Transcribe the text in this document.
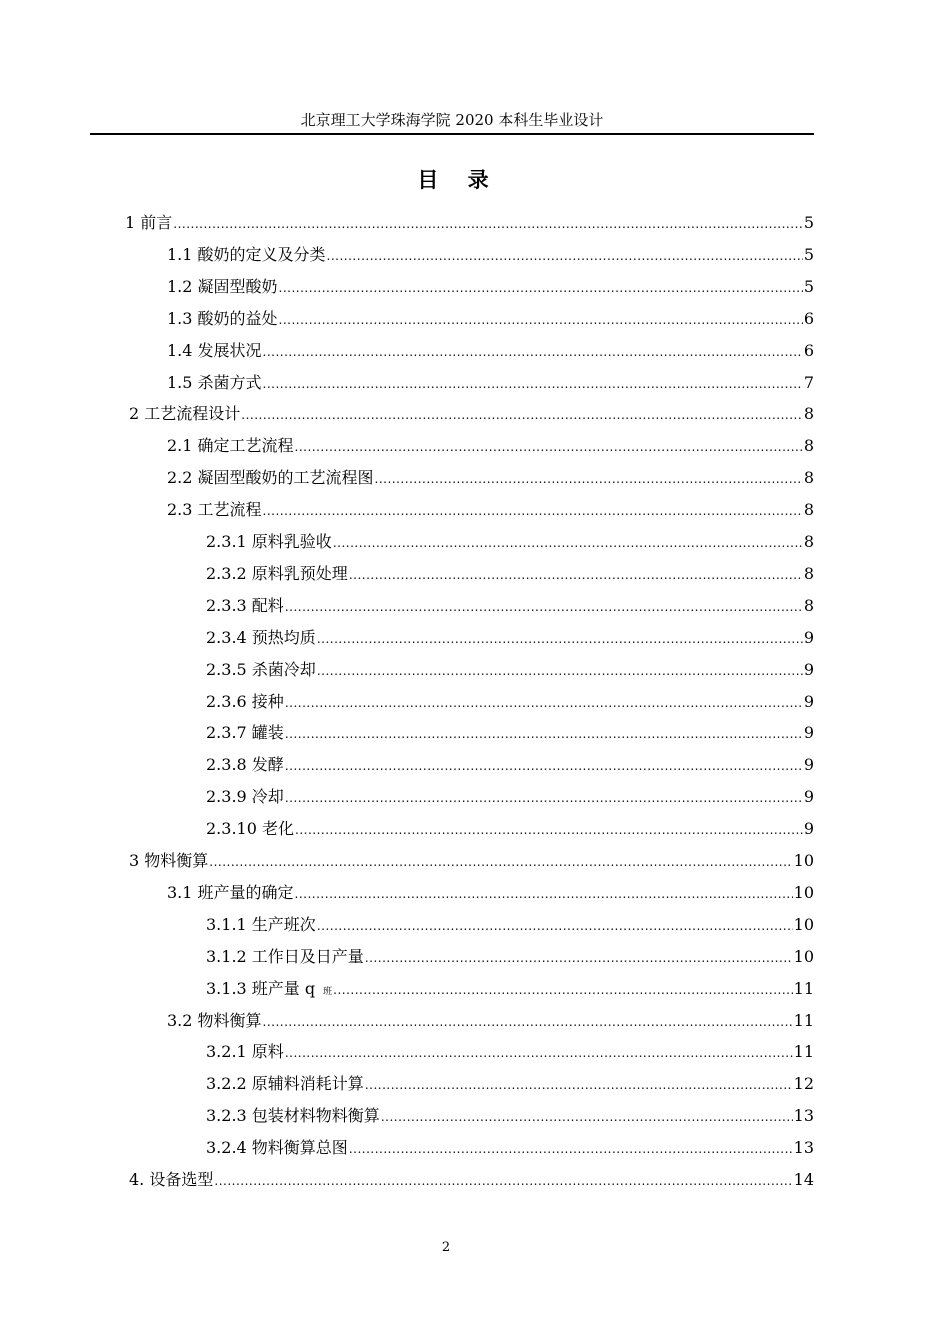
北京理工大学珠海学院 2020 本科生毕业设计
目 录
1 前言 .....	5
1.1 酸奶的定义及分类 .....	5
1.2 凝固型酸奶 .....	5
1.3 酸奶的益处 .....	6
1.4 发展状况 .....	6
1.5 杀菌方式 .....	7
2 工艺流程设计 .....	8
2.1 确定工艺流程 .....	8
2.2 凝固型酸奶的工艺流程图 .....	8
2.3 工艺流程 .....	8
2.3.1 原料乳验收 .....	8
2.3.2 原料乳预处理 .....	8
2.3.3 配料 .....	8
2.3.4 预热均质 .....	9
2.3.5 杀菌冷却 .....	9
2.3.6 接种 .....	9
2.3.7 罐装 .....	9
2.3.8 发酵 .....	9
2.3.9 冷却 .....	9
2.3.10 老化 .....	9
3 物料衡算 .....	10
3.1 班产量的确定 .....	10
3.1.1 生产班次 .....	10
3.1.2 工作日及日产量 .....	10
3.1.3 班产量 q 班 .....	11
3.2 物料衡算 .....	11
3.2.1 原料 .....	11
3.2.2 原辅料消耗计算 .....	12
3.2.3 包装材料物料衡算 .....	13
3.2.4 物料衡算总图 .....	13
4. 设备选型 .....	14
2
